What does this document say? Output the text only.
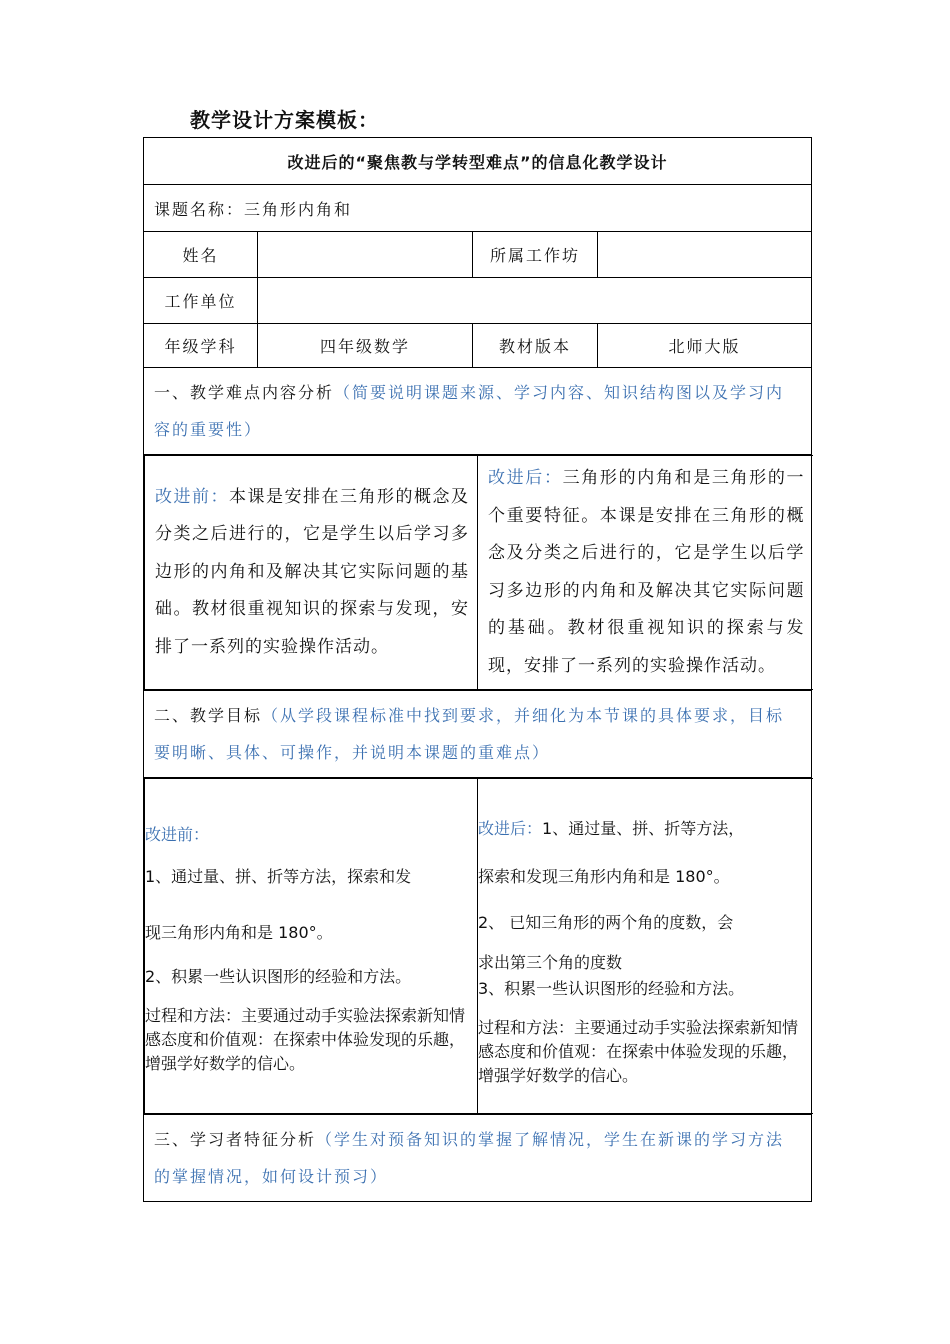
教学设计方案模板：
改进后的“聚焦教与学转型难点”的信息化教学设计
课题名称：三角形内角和
姓名		所属工作坊	
工作单位	
年级学科	四年级数学	教材版本	北师大版
一、教学难点内容分析（简要说明课题来源、学习内容、知识结构图以及学习内容的重要性）

改进前：本课是安排在三角形的概念及分类之后进行的，它是学生以后学习多边形的内角和及解决其它实际问题的基础。教材很重视知识的探索与发现，安排了一系列的实验操作活动。

改进后：三角形的内角和是三角形的一个重要特征。本课是安排在三角形的概念及分类之后进行的，它是学生以后学习多边形的内角和及解决其它实际问题的基础。教材很重视知识的探索与发现，安排了一系列的实验操作活动。

二、教学目标（从学段课程标准中找到要求，并细化为本节课的具体要求，目标要明晰、具体、可操作，并说明本课题的重难点）

改进前：

1、通过量、拼、折等方法，探索和发

现三角形内角和是 180°。

2、积累一些认识图形的经验和方法。

过程和方法：主要通过动手实验法探索新知情感态度和价值观：在探索中体验发现的乐趣，增强学好数学的信心。

改进后：1、通过量、拼、折等方法，

探索和发现三角形内角和是 180°。

2、 已知三角形的两个角的度数，会

求出第三个角的度数

3、积累一些认识图形的经验和方法。

过程和方法：主要通过动手实验法探索新知情感态度和价值观：在探索中体验发现的乐趣，增强学好数学的信心。

三、学习者特征分析（学生对预备知识的掌握了解情况，学生在新课的学习方法的掌握情况，如何设计预习）
